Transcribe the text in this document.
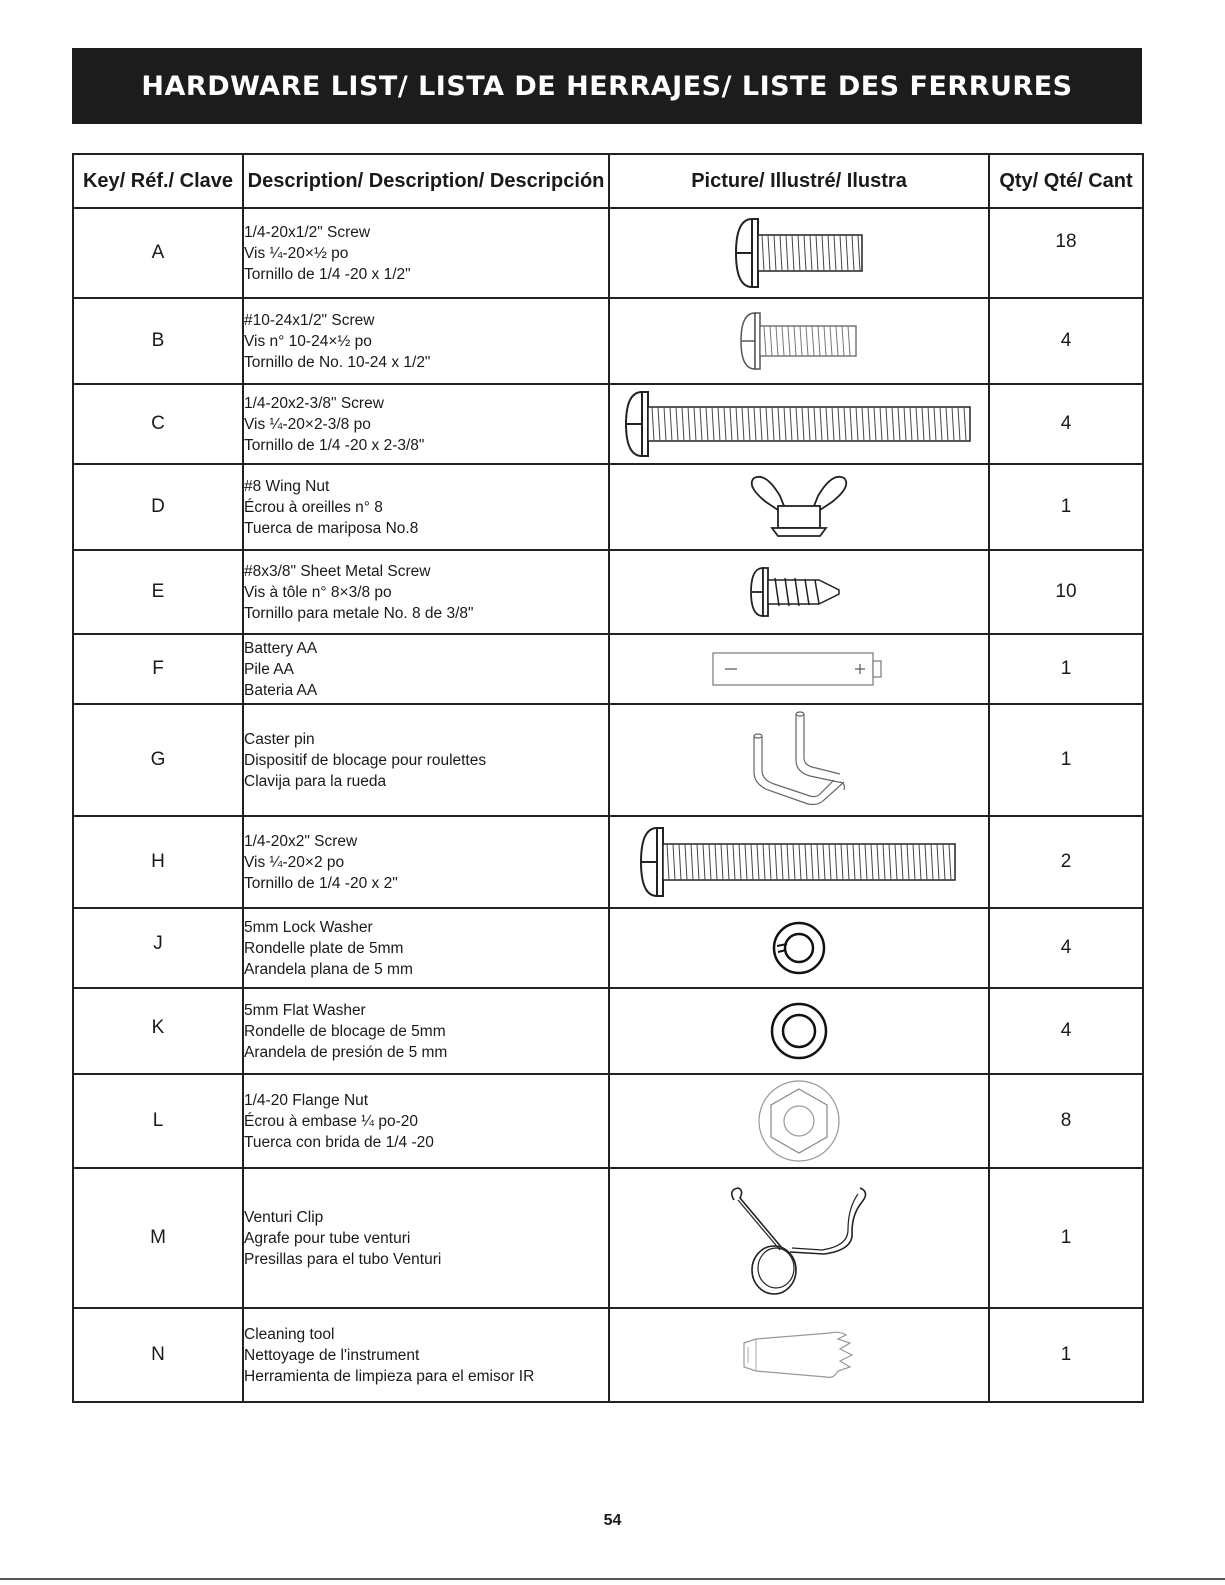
HARDWARE LIST/ LISTA DE HERRAJES/ LISTE DES FERRURES
Key/ Réf./ Clave	Description/ Description/ Descripción	Picture/ Illustré/ Ilustra	Qty/ Qté/ Cant
A	1/4-20x1/2" Screw
Vis ¼-20×½ po
Tornillo de 1/4 -20 x 1/2"		18
B	#10-24x1/2" Screw
Vis n° 10-24×½ po
Tornillo de No. 10-24 x 1/2"		4
C	1/4-20x2-3/8" Screw
Vis ¼-20×2-3/8 po
Tornillo de 1/4 -20 x 2-3/8"		4
D	#8 Wing Nut
Écrou à oreilles n° 8
Tuerca de mariposa No.8		1
E	#8x3/8" Sheet Metal Screw
Vis à tôle n° 8×3/8 po
Tornillo para metale No. 8 de 3/8"		10
F	Battery AA
Pile AA
Bateria AA		1
G	Caster pin
Dispositif de blocage pour roulettes
Clavija para la rueda		1
H	1/4-20x2" Screw
Vis ¼-20×2 po
Tornillo de 1/4 -20 x 2"		2
J	5mm Lock Washer
Rondelle plate de 5mm
Arandela plana de 5 mm		4
K	5mm Flat Washer
Rondelle de blocage de 5mm
Arandela de presión de 5 mm		4
L	1/4-20 Flange Nut
Écrou à embase ¼ po-20
Tuerca con brida de 1/4 -20		8
M	Venturi Clip
Agrafe pour tube venturi
Presillas para el tubo Venturi		1
N	Cleaning tool
Nettoyage de l'instrument
Herramienta de limpieza para el emisor IR		1
54
